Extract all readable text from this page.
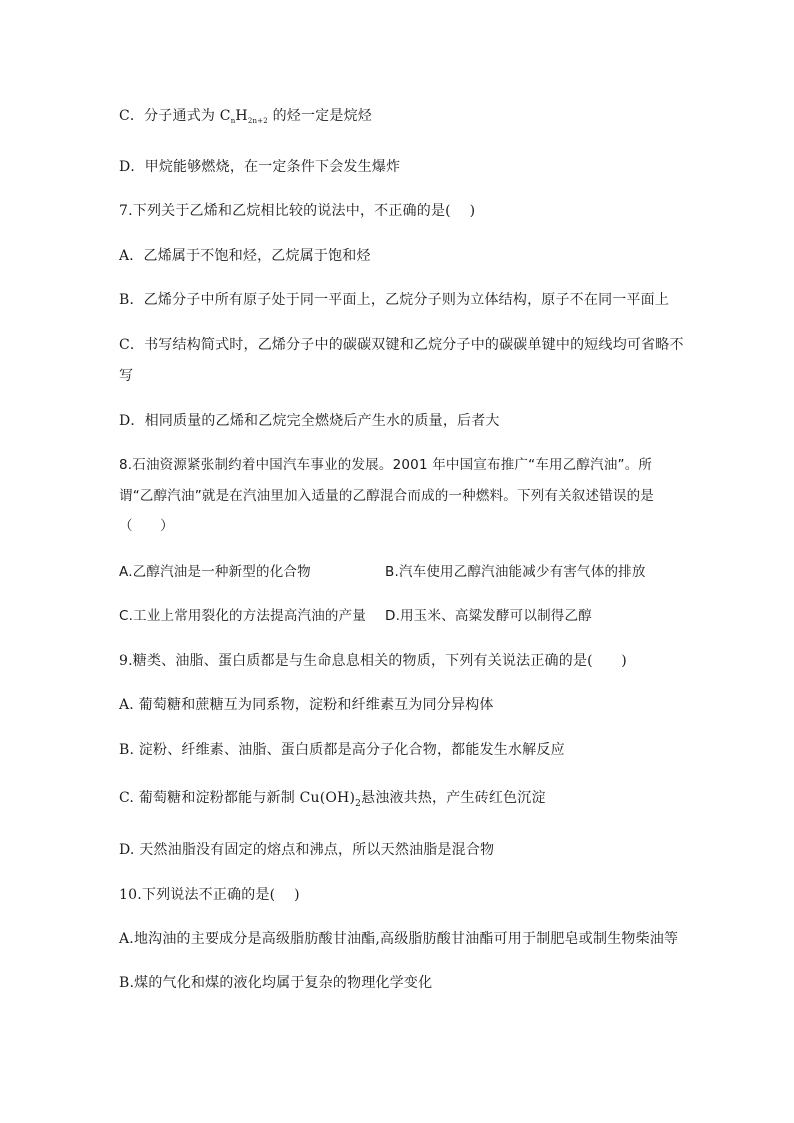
C．分子通式为 $C_nH_{2n+2}$ 的烃一定是烷烃
D．甲烷能够燃烧，在一定条件下会发生爆炸
7.下列关于乙烯和乙烷相比较的说法中，不正确的是(　 )
A．乙烯属于不饱和烃，乙烷属于饱和烃
B．乙烯分子中所有原子处于同一平面上，乙烷分子则为立体结构，原子不在同一平面上
C．书写结构简式时，乙烯分子中的碳碳双键和乙烷分子中的碳碳单键中的短线均可省略不
写
D．相同质量的乙烯和乙烷完全燃烧后产生水的质量，后者大
8.石油资源紧张制约着中国汽车事业的发展。2001 年中国宣布推广“车用乙醇汽油”。所
谓“乙醇汽油”就是在汽油里加入适量的乙醇混合而成的一种燃料。下列有关叙述错误的是
（　　）
A.乙醇汽油是一种新型的化合物	B.汽车使用乙醇汽油能减少有害气体的排放
C.工业上常用裂化的方法提高汽油的产量 D.用玉米、高粱发酵可以制得乙醇
9.糖类、油脂、蛋白质都是与生命息息相关的物质，下列有关说法正确的是(　　)
A. 葡萄糖和蔗糖互为同系物，淀粉和纤维素互为同分异构体
B. 淀粉、纤维素、油脂、蛋白质都是高分子化合物，都能发生水解反应
C. 葡萄糖和淀粉都能与新制 $Cu(OH)_2$悬浊液共热，产生砖红色沉淀
D. 天然油脂没有固定的熔点和沸点，所以天然油脂是混合物
10.下列说法不正确的是(　 )
A.地沟油的主要成分是高级脂肪酸甘油酯,高级脂肪酸甘油酯可用于制肥皂或制生物柴油等
B.煤的气化和煤的液化均属于复杂的物理化学变化
